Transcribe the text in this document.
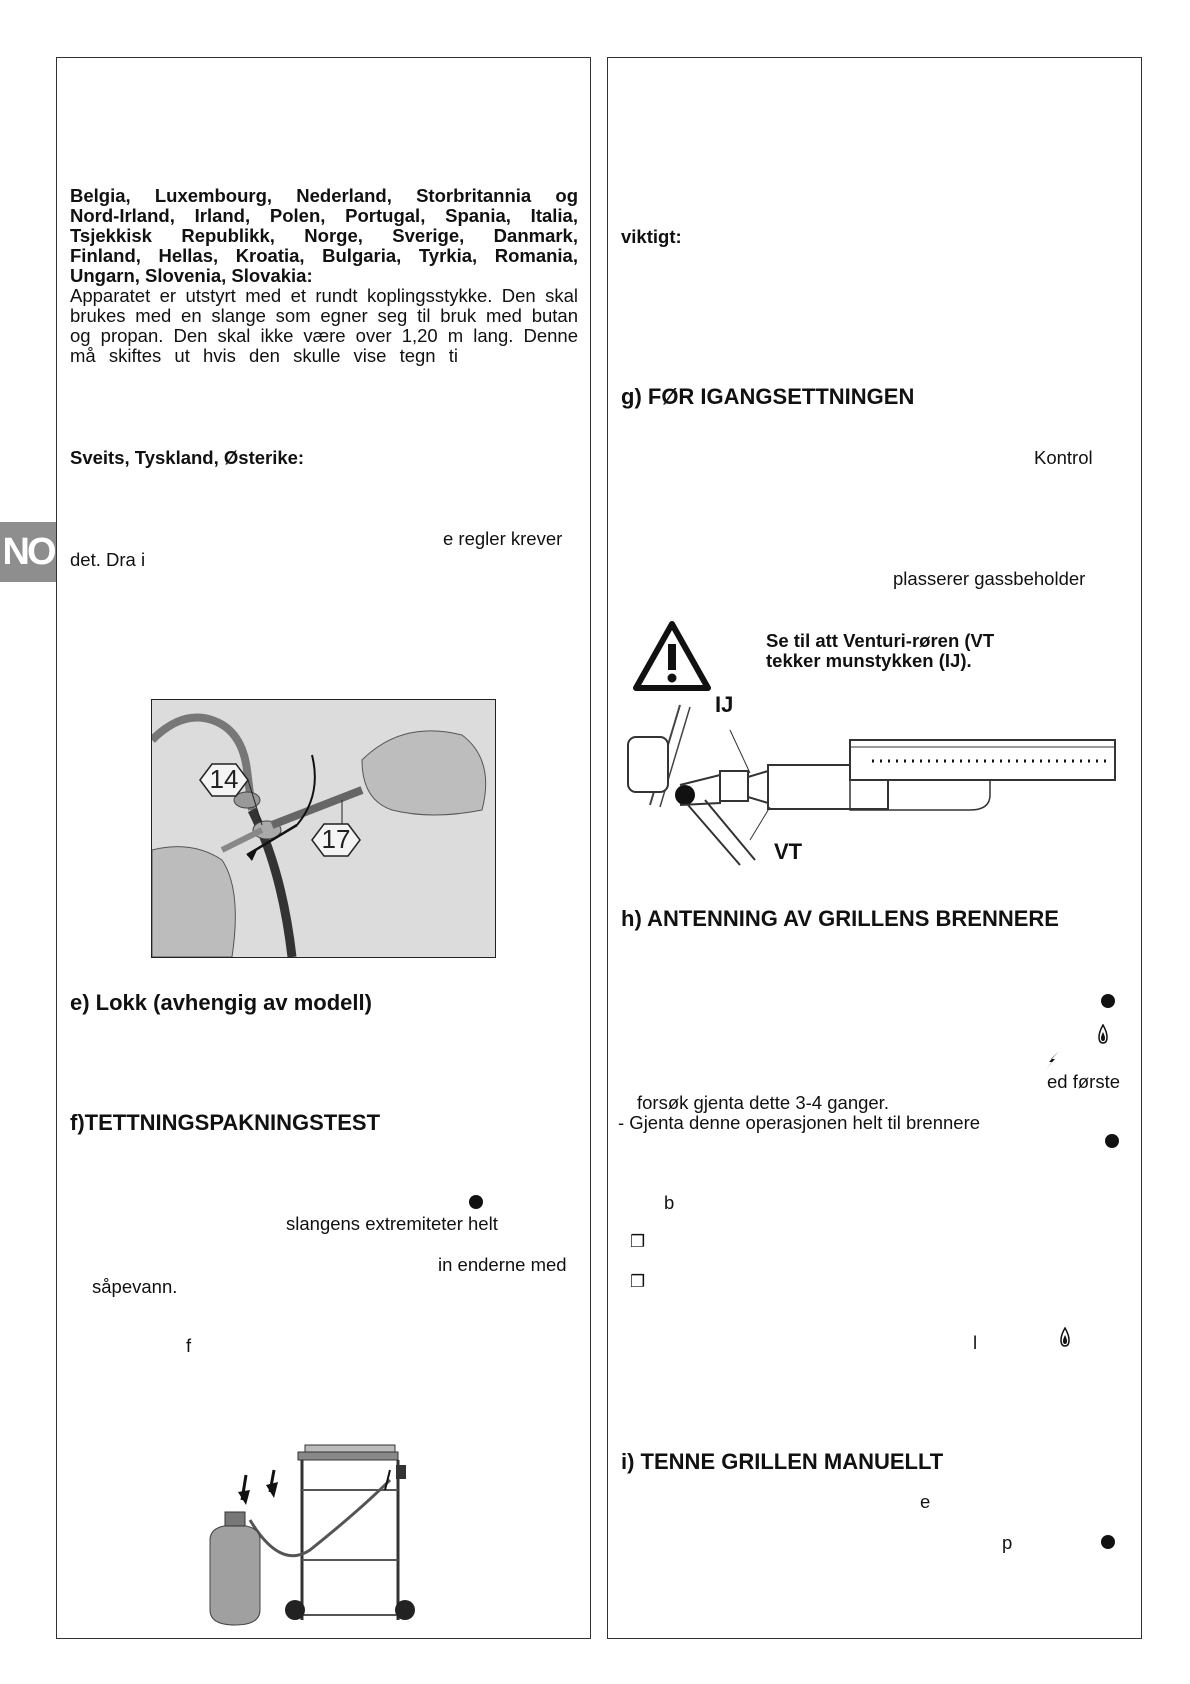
NO
Belgia, Luxembourg, Nederland, Storbritannia og
Nord-Irland, Irland, Polen, Portugal, Spania, Italia,
Tsjekkisk Republikk, Norge, Sverige, Danmark,
Finland, Hellas, Kroatia, Bulgaria, Tyrkia, Romania,
Ungarn, Slovenia, Slovakia:
Apparatet er utstyrt med et rundt koplingsstykke. Den skal
brukes med en slange som egner seg til bruk med butan
og propan. Den skal ikke være over 1,20 m lang. Denne
må skiftes ut hvis den skulle vise tegn ti
Sveits, Tyskland, Østerike:
e regler krever
det. Dra i
14
17
e) Lokk (avhengig av modell)
f)TETTNINGSPAKNINGSTEST
slangens extremiteter helt
in enderne med
såpevann.
f
viktigt:
g) FØR IGANGSETTNINGEN
Kontrol
plasserer gassbeholder
Se til att Venturi-røren (VT
tekker munstykken (IJ).
IJ
VT
h) ANTENNING AV GRILLENS BRENNERE
ed første
forsøk gjenta dette 3-4 ganger.
- Gjenta denne operasjonen helt til brennere
b
❒
❒
l
i) TENNE GRILLEN MANUELLT
e
p
